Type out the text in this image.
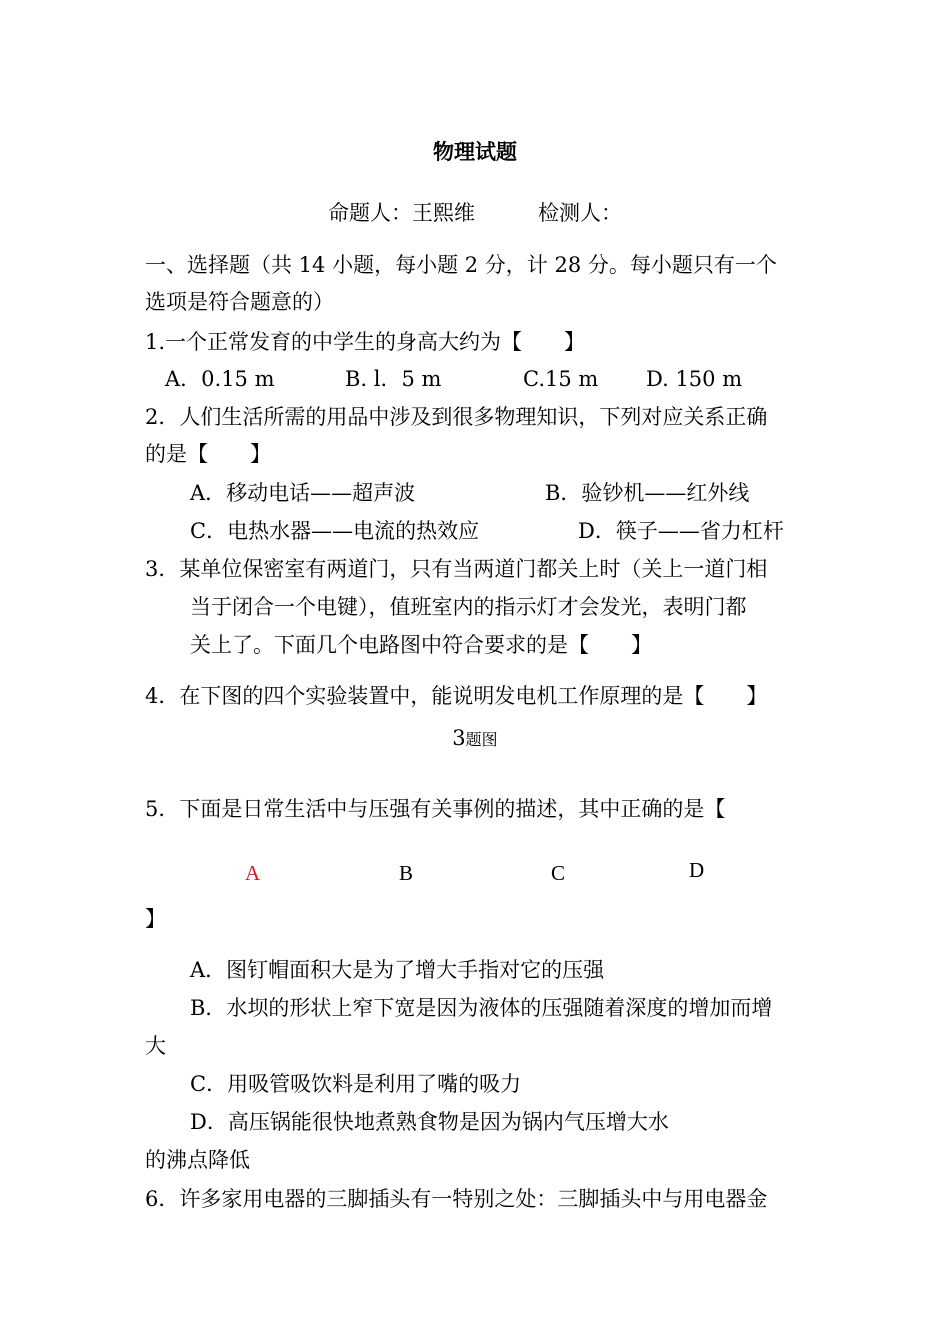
物理试题
命题人：王熙维　　　检测人：
一、选择题（共 14 小题，每小题 2 分，计 28 分。每小题只有一个
选项是符合题意的）
1.一个正常发育的中学生的身高大约为【　　】
A．0.15 m	B. l．5 m	C.15 m D. 150 m
2．人们生活所需的用品中涉及到很多物理知识，下列对应关系正确
的是【　　】
A．移动电话——超声波	B．验钞机——红外线
C．电热水器——电流的热效应	D．筷子——省力杠杆
3．某单位保密室有两道门，只有当两道门都关上时（关上一道门相
当于闭合一个电键），值班室内的指示灯才会发光，表明门都
关上了。下面几个电路图中符合要求的是【　　】
4．在下图的四个实验装置中，能说明发电机工作原理的是【　　】
3题图
5．下面是日常生活中与压强有关事例的描述，其中正确的是【
A	B	C	D
】
A．图钉帽面积大是为了增大手指对它的压强
B．水坝的形状上窄下宽是因为液体的压强随着深度的增加而增
大
C．用吸管吸饮料是利用了嘴的吸力
D．高压锅能很快地煮熟食物是因为锅内气压增大水
的沸点降低
6．许多家用电器的三脚插头有一特别之处：三脚插头中与用电器金
